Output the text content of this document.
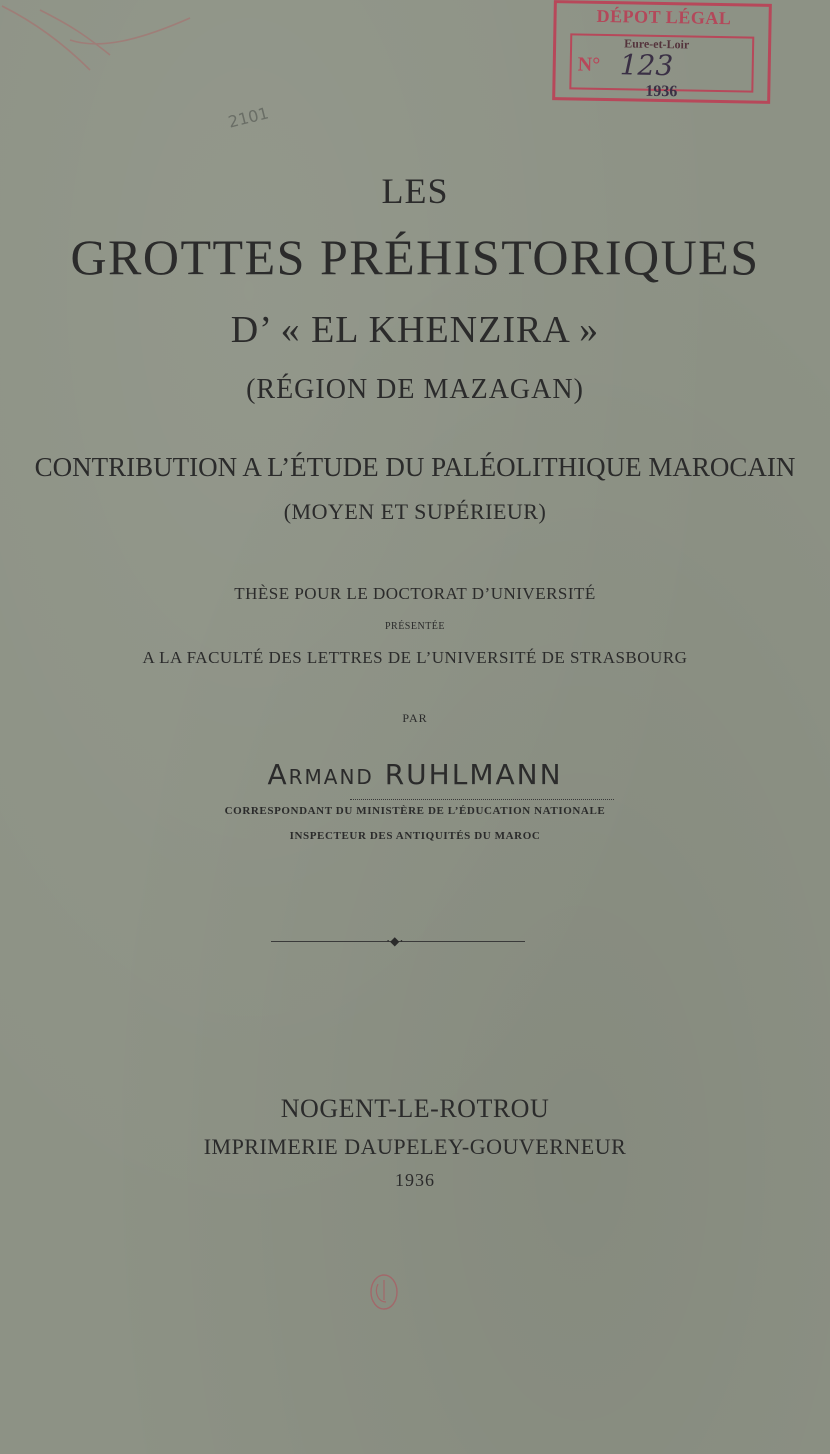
DÉPOT LÉGAL
Eure-et-Loir
N° 123
1936
2101
LES
GROTTES PRÉHISTORIQUES
D’ « EL KHENZIRA »
(RÉGION DE MAZAGAN)
CONTRIBUTION A L’ÉTUDE DU PALÉOLITHIQUE MAROCAIN
(MOYEN ET SUPÉRIEUR)
THÈSE POUR LE DOCTORAT D’UNIVERSITÉ
PRÉSENTÉE
A LA FACULTÉ DES LETTRES DE L’UNIVERSITÉ DE STRASBOURG
PAR
Armand RUHLMANN
CORRESPONDANT DU MINISTÈRE DE L’ÉDUCATION NATIONALE
INSPECTEUR DES ANTIQUITÉS DU MAROC
⋅◆⋅
NOGENT-LE-ROTROU
IMPRIMERIE DAUPELEY-GOUVERNEUR
1936
